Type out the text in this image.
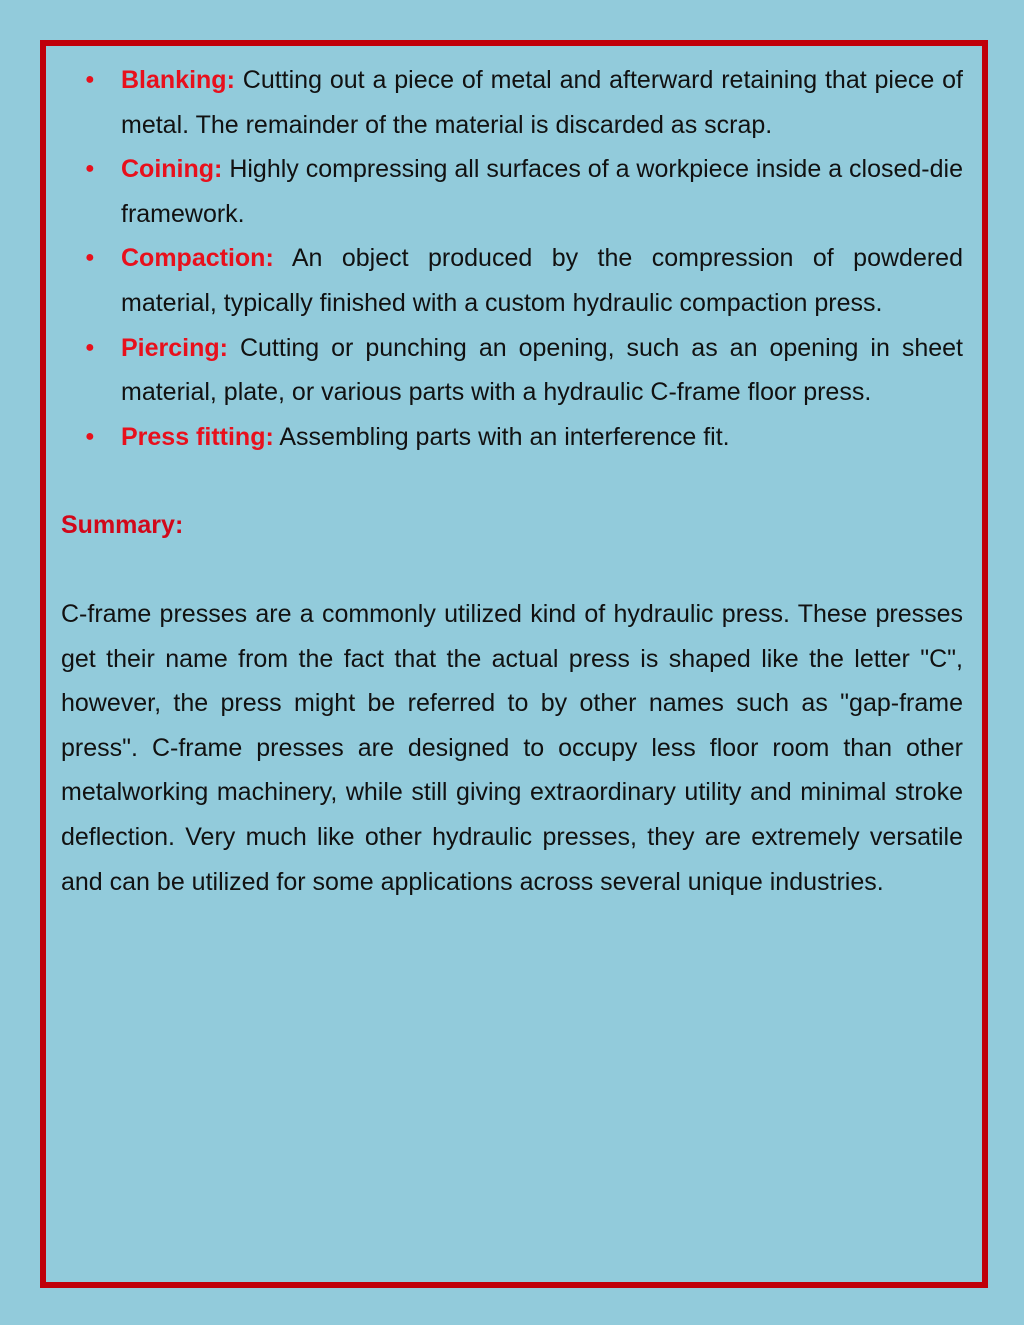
● Blanking: Cutting out a piece of metal and afterward retaining that piece of metal. The remainder of the material is discarded as scrap.
● Coining: Highly compressing all surfaces of a workpiece inside a closed-die framework.
● Compaction: An object produced by the compression of powdered material, typically finished with a custom hydraulic compaction press.
● Piercing: Cutting or punching an opening, such as an opening in sheet material, plate, or various parts with a hydraulic C-frame floor press.
● Press fitting: Assembling parts with an interference fit.
Summary:

C-frame presses are a commonly utilized kind of hydraulic press. These presses get their name from the fact that the actual press is shaped like the letter "C", however, the press might be referred to by other names such as "gap-frame press". C-frame presses are designed to occupy less floor room than other metalworking machinery, while still giving extraordinary utility and minimal stroke deflection. Very much like other hydraulic presses, they are extremely versatile and can be utilized for some applications across several unique industries.
